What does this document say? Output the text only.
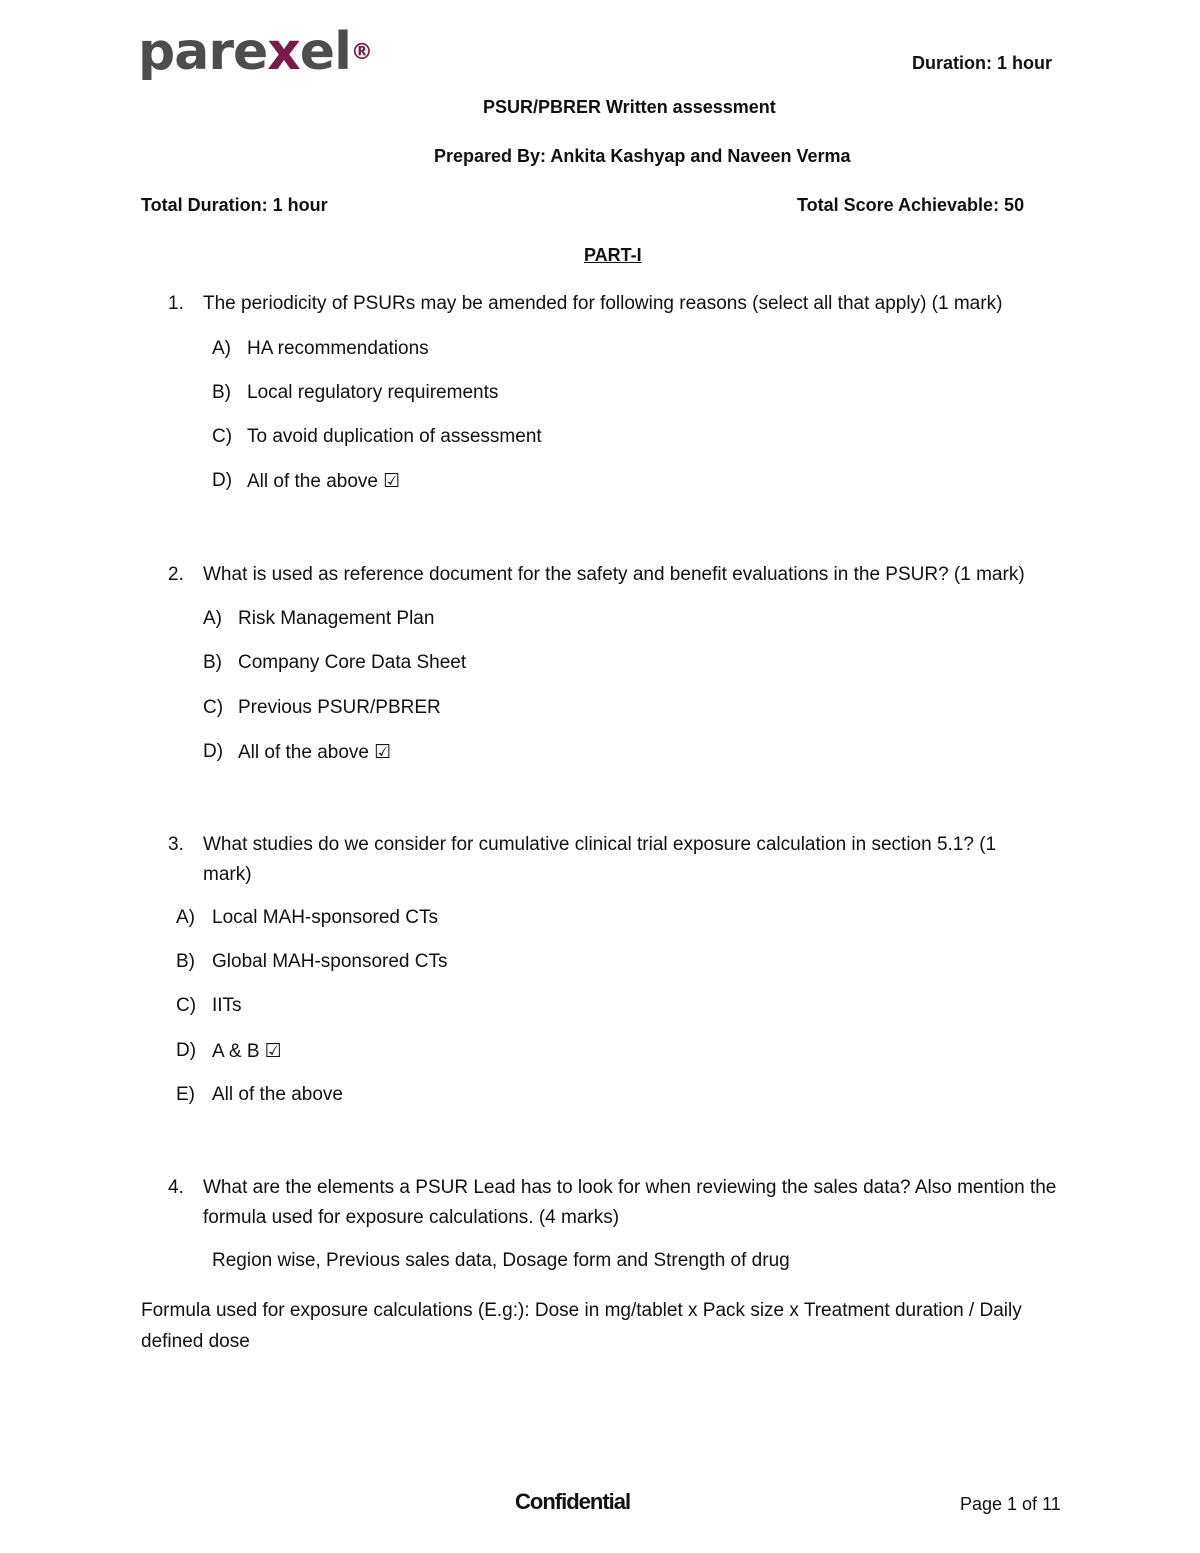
parexel®	Duration: 1 hour
PSUR/PBRER Written assessment
Prepared By: Ankita Kashyap and Naveen Verma
Total Duration: 1 hour	Total Score Achievable: 50
PART-I
1. The periodicity of PSURs may be amended for following reasons (select all that apply) (1 mark)
A) HA recommendations
B) Local regulatory requirements
C) To avoid duplication of assessment
D) All of the above ☑
2. What is used as reference document for the safety and benefit evaluations in the PSUR? (1 mark)
A) Risk Management Plan
B) Company Core Data Sheet
C) Previous PSUR/PBRER
D) All of the above ☑
3. What studies do we consider for cumulative clinical trial exposure calculation in section 5.1? (1
mark)
A) Local MAH-sponsored CTs
B) Global MAH-sponsored CTs
C) IITs
D) A & B ☑
E) All of the above
4. What are the elements a PSUR Lead has to look for when reviewing the sales data? Also mention the
formula used for exposure calculations. (4 marks)
Region wise, Previous sales data, Dosage form and Strength of drug
Formula used for exposure calculations (E.g:): Dose in mg/tablet x Pack size x Treatment duration / Daily
defined dose
Confidential	Page 1 of 11
